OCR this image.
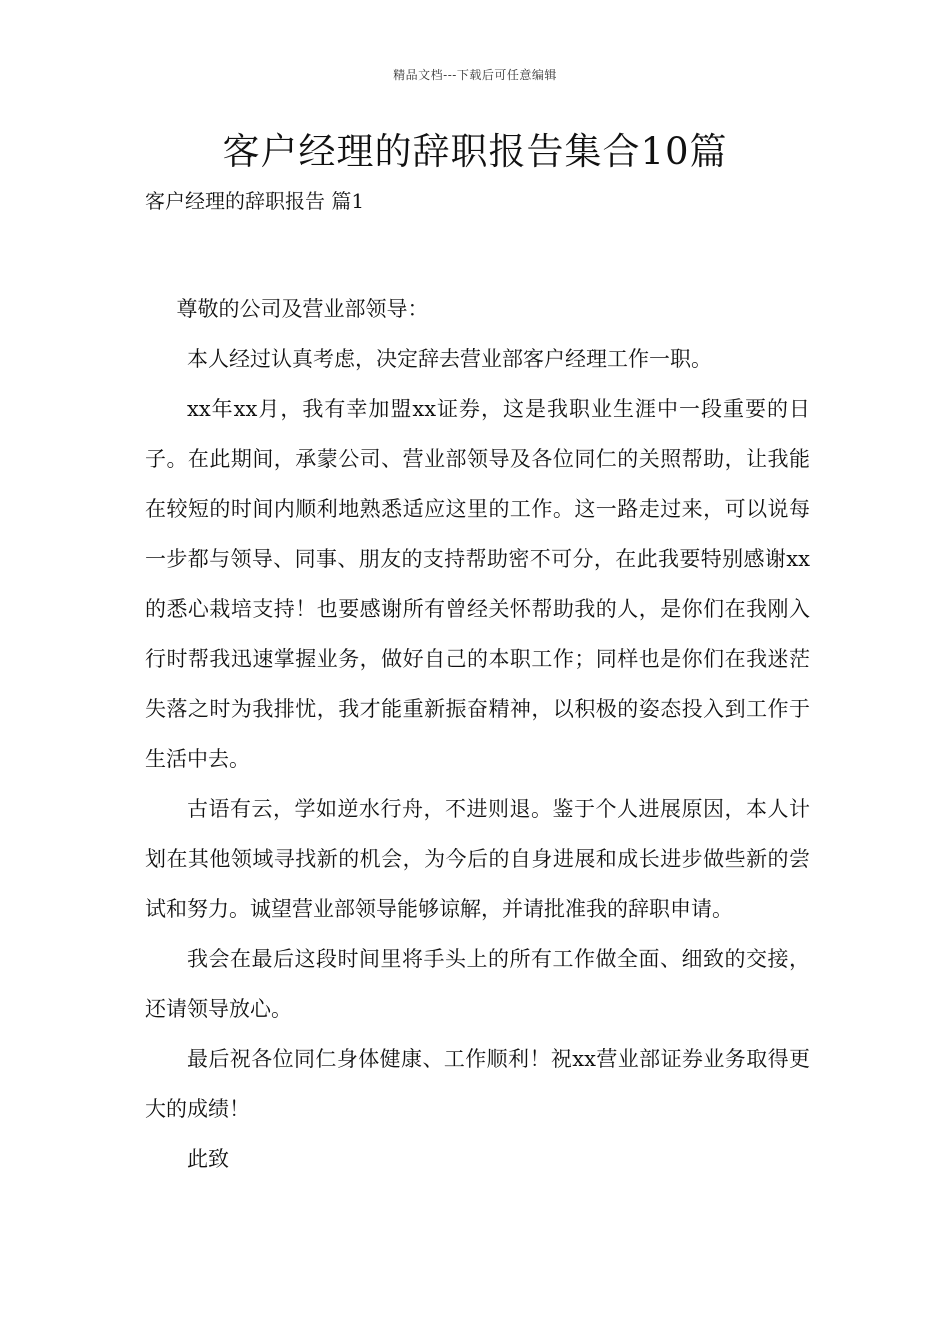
精品文档---下载后可任意编辑
客户经理的辞职报告集合10篇
客户经理的辞职报告 篇1

尊敬的公司及营业部领导：

本人经过认真考虑，决定辞去营业部客户经理工作一职。

xx年xx月，我有幸加盟xx证券，这是我职业生涯中一段重要的日子。在此期间，承蒙公司、营业部领导及各位同仁的关照帮助，让我能在较短的时间内顺利地熟悉适应这里的工作。这一路走过来，可以说每一步都与领导、同事、朋友的支持帮助密不可分，在此我要特别感谢xx的悉心栽培支持！也要感谢所有曾经关怀帮助我的人，是你们在我刚入行时帮我迅速掌握业务，做好自己的本职工作；同样也是你们在我迷茫失落之时为我排忧，我才能重新振奋精神，以积极的姿态投入到工作于生活中去。

古语有云，学如逆水行舟，不进则退。鉴于个人进展原因，本人计划在其他领域寻找新的机会，为今后的自身进展和成长进步做些新的尝试和努力。诚望营业部领导能够谅解，并请批准我的辞职申请。

我会在最后这段时间里将手头上的所有工作做全面、细致的交接，还请领导放心。

最后祝各位同仁身体健康、工作顺利！祝xx营业部证券业务取得更大的成绩！

此致
